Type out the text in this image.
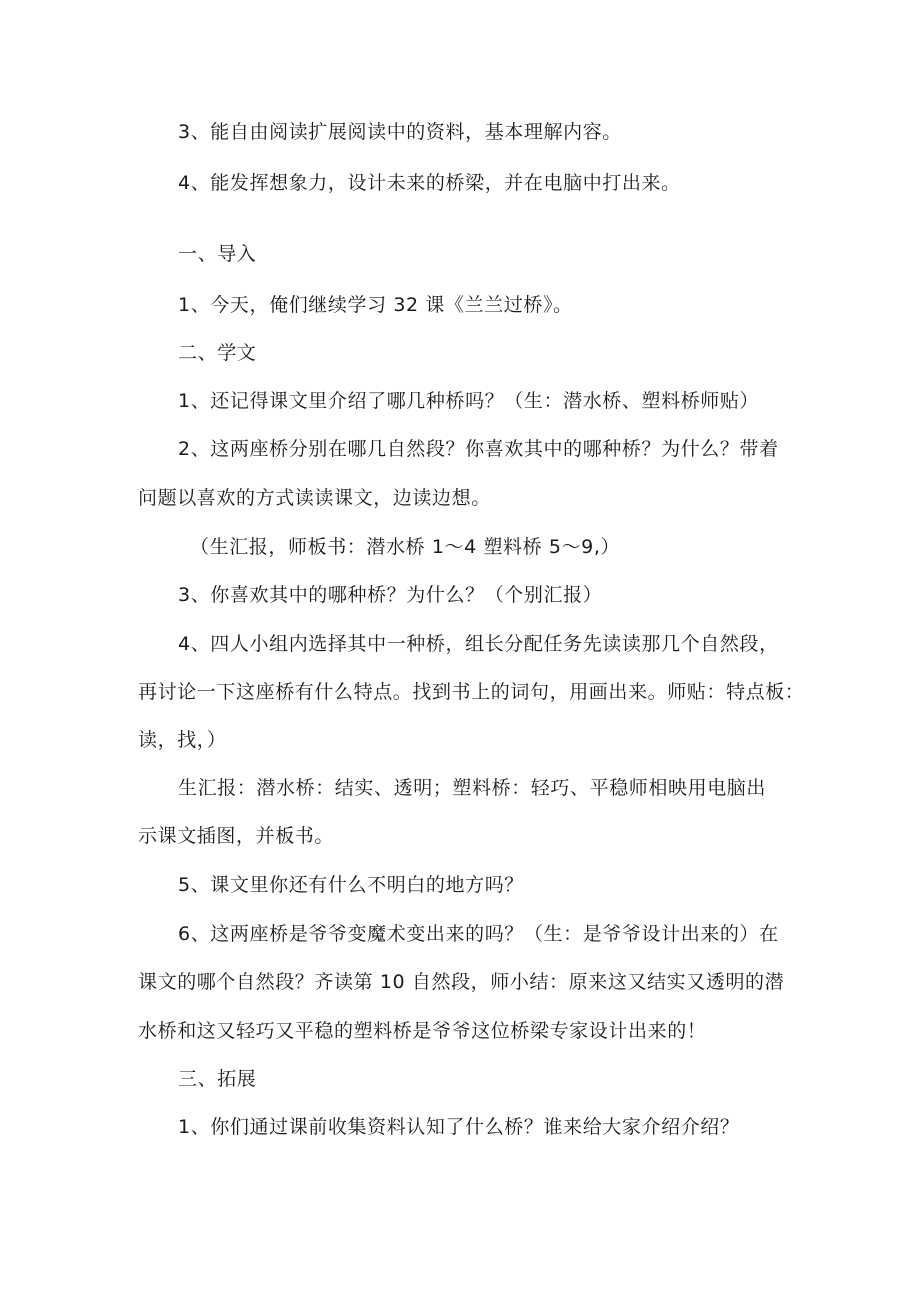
3、能自由阅读扩展阅读中的资料，基本理解内容。
4、能发挥想象力，设计未来的桥梁，并在电脑中打出来。
一、导入
1、今天，俺们继续学习 32 课《兰兰过桥》。
二、学文
1、还记得课文里介绍了哪几种桥吗？（生：潜水桥、塑料桥师贴）
2、这两座桥分别在哪几自然段？你喜欢其中的哪种桥？为什么？带着
问题以喜欢的方式读读课文，边读边想。
（生汇报，师板书：潜水桥 1～4 塑料桥 5～9,）
3、你喜欢其中的哪种桥？为什么？（个别汇报）
4、四人小组内选择其中一种桥，组长分配任务先读读那几个自然段，
再讨论一下这座桥有什么特点。找到书上的词句，用画出来。师贴：特点板：
读，找，）
生汇报：潜水桥：结实、透明；塑料桥：轻巧、平稳师相映用电脑出
示课文插图，并板书。
5、课文里你还有什么不明白的地方吗？
6、这两座桥是爷爷变魔术变出来的吗？（生：是爷爷设计出来的）在
课文的哪个自然段？齐读第 10 自然段，师小结：原来这又结实又透明的潜
水桥和这又轻巧又平稳的塑料桥是爷爷这位桥梁专家设计出来的！
三、拓展
1、你们通过课前收集资料认知了什么桥？谁来给大家介绍介绍？
